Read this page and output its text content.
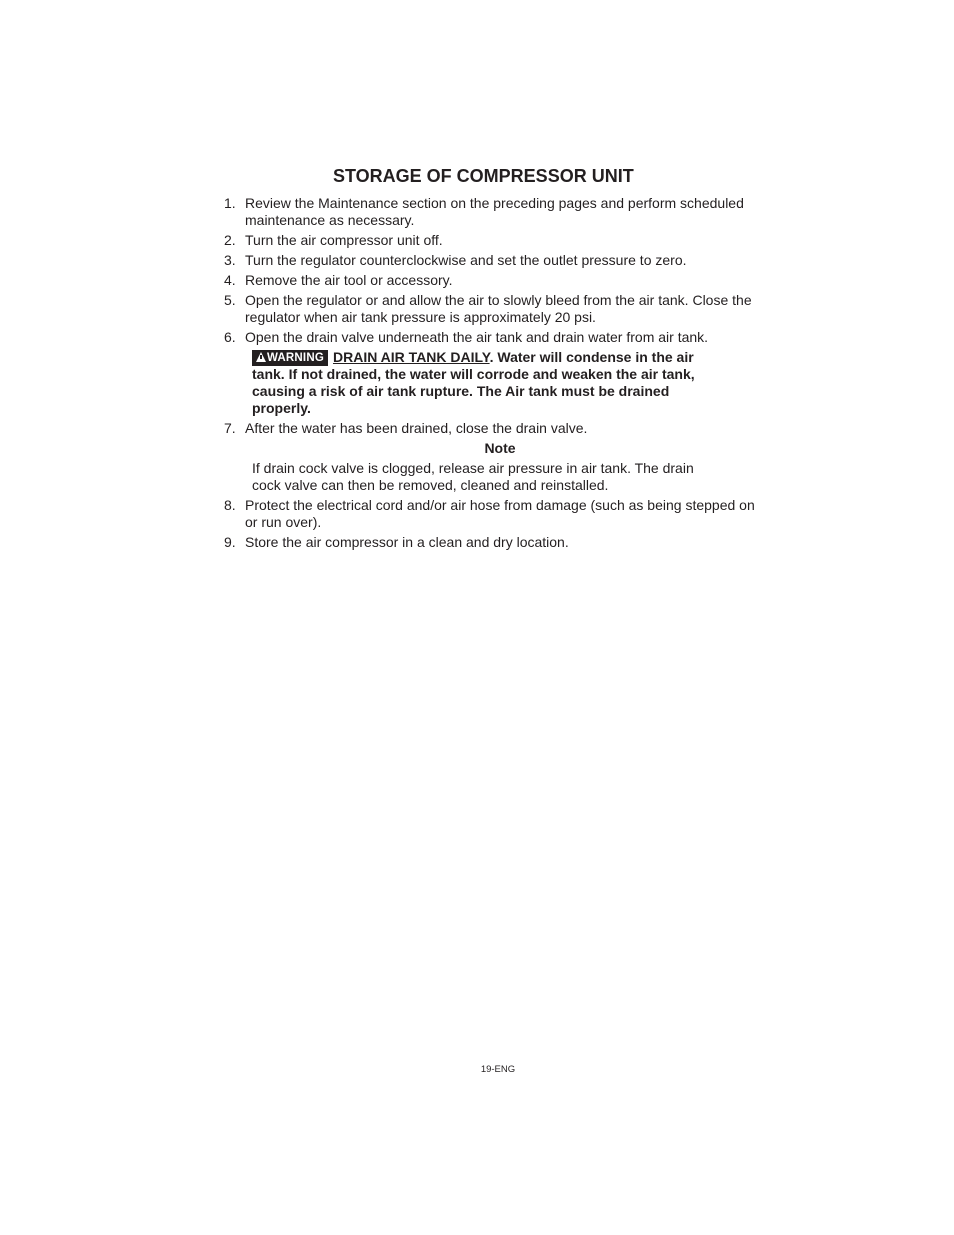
STORAGE OF COMPRESSOR UNIT
1. Review the Maintenance section on the preceding pages and perform scheduled maintenance as necessary.
2. Turn the air compressor unit off.
3. Turn the regulator counterclockwise and set the outlet pressure to zero.
4. Remove the air tool or accessory.
5. Open the regulator or and allow the air to slowly bleed from the air tank. Close the regulator when air tank pressure is approximately 20 psi.
6. Open the drain valve underneath the air tank and drain water from air tank.
WARNING DRAIN AIR TANK DAILY. Water will condense in the air tank. If not drained, the water will corrode and weaken the air tank, causing a risk of air tank rupture. The Air tank must be drained properly.
7. After the water has been drained, close the drain valve.
Note
If drain cock valve is clogged, release air pressure in air tank. The drain cock valve can then be removed, cleaned and reinstalled.
8. Protect the electrical cord and/or air hose from damage (such as being stepped on or run over).
9. Store the air compressor in a clean and dry location.
19-ENG
